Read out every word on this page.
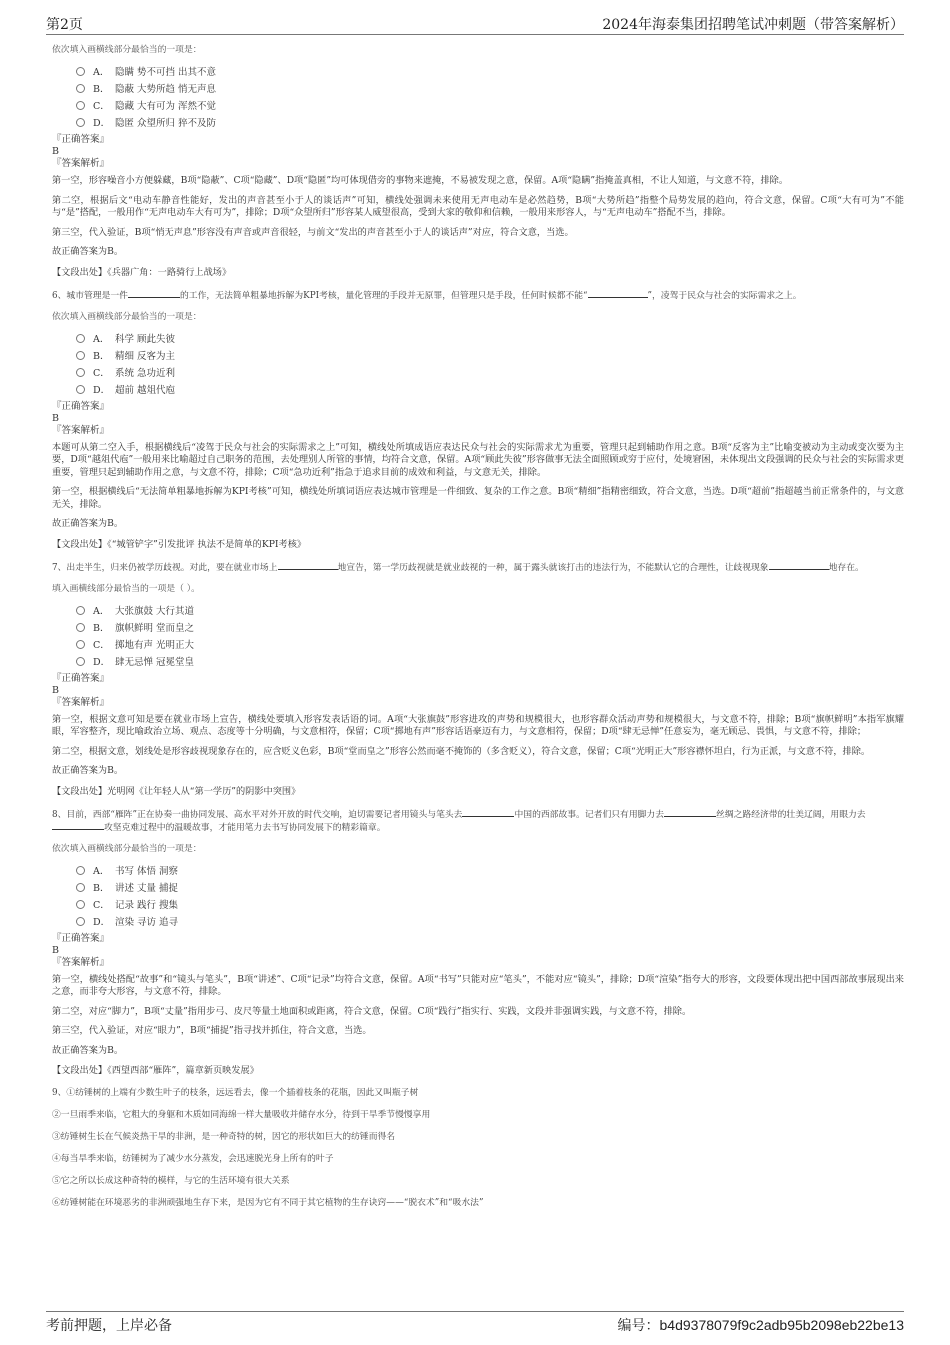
第2页	2024年海泰集团招聘笔试冲刺题（带答案解析）
依次填入画横线部分最恰当的一项是：
A． 隐瞒 势不可挡 出其不意
B． 隐蔽 大势所趋 悄无声息
C． 隐藏 大有可为 浑然不觉
D． 隐匿 众望所归 猝不及防
『正确答案』
B
『答案解析』
第一空，形容噪音小方便躲藏，B项“隐蔽”、C项“隐藏”、D项“隐匿”均可体现借旁的事物来遮掩，不易被发现之意，保留。A项“隐瞒”指掩盖真相，不让人知道，与文意不符，排除。
第二空，根据后文“电动车静音性能好，发出的声音甚至小于人的谈话声”可知，横线处强调未来使用无声电动车是必然趋势，B项“大势所趋”指整个局势发展的趋向，符合文意，保留。C项“大有可为”不能与“是”搭配，一般用作“无声电动车大有可为”，排除；D项“众望所归”形容某人威望很高，受到大家的敬仰和信赖，一般用来形容人，与“无声电动车”搭配不当，排除。
第三空，代入验证，B项“悄无声息”形容没有声音或声音很轻，与前文“发出的声音甚至小于人的谈话声”对应，符合文意，当选。
故正确答案为B。
【文段出处】《兵器广角：一路骑行上战场》
6、城市管理是一件	的工作，无法简单粗暴地拆解为KPI考核，量化管理的手段并无原罪，但管理只是手段，任何时候都不能“	”，凌驾于民众与社会的实际需求之上。
依次填入画横线部分最恰当的一项是：
A． 科学 顾此失彼
B． 精细 反客为主
C． 系统 急功近利
D． 超前 越俎代庖
『正确答案』
B
『答案解析』
本题可从第二空入手，根据横线后“凌驾于民众与社会的实际需求之上”可知，横线处所填成语应表达民众与社会的实际需求尤为重要，管理只起到辅助作用之意。B项“反客为主”比喻变被动为主动或变次要为主要，D项“越俎代庖”一般用来比喻超过自己职务的范围，去处理别人所管的事情，均符合文意，保留。A项“顾此失彼”形容做事无法全面照顾或穷于应付，处境窘困，未体现出文段强调的民众与社会的实际需求更重要，管理只起到辅助作用之意，与文意不符，排除；C项“急功近利”指急于追求目前的成效和利益，与文意无关，排除。
第一空，根据横线后“无法简单粗暴地拆解为KPI考核”可知，横线处所填词语应表达城市管理是一件细致、复杂的工作之意。B项“精细”指精密细致，符合文意，当选。D项“超前”指超越当前正常条件的，与文意无关，排除。
故正确答案为B。
【文段出处】《“城管铲字”引发批评 执法不是简单的KPI考核》
7、出走半生，归来仍被学历歧视。对此，要在就业市场上	地宣告，第一学历歧视就是就业歧视的一种，属于露头就该打击的违法行为，不能默认它的合理性，让歧视现象	地存在。
填入画横线部分最恰当的一项是（ ）。
A． 大张旗鼓 大行其道
B． 旗帜鲜明 堂而皇之
C． 掷地有声 光明正大
D． 肆无忌惮 冠冕堂皇
『正确答案』
B
『答案解析』
第一空，根据文意可知是要在就业市场上宣告，横线处要填入形容发表话语的词。A项“大张旗鼓”形容进攻的声势和规模很大，也形容群众活动声势和规模很大，与文意不符，排除；B项“旗帜鲜明”本指军旗耀眼，军容整齐，现比喻政治立场、观点、态度等十分明确，与文意相符，保留；C项“掷地有声”形容话语豪迈有力，与文意相符，保留；D项“肆无忌惮”任意妄为，毫无顾忌、畏惧，与文意不符，排除；
第二空，根据文意，划线处是形容歧视现象存在的，应含贬义色彩，B项“堂而皇之”形容公然而毫不掩饰的（多含贬义），符合文意，保留；C项“光明正大”形容襟怀坦白，行为正派，与文意不符，排除。
故正确答案为B。
【文段出处】光明网《让年轻人从“第一学历”的阴影中突围》
8、目前，西部“雁阵”正在协奏一曲协同发展、高水平对外开放的时代交响，迫切需要记者用镜头与笔头去	中国的西部故事。记者们只有用脚力去	丝绸之路经济带的壮美辽阔，用眼力去攻坚克难过程中的温暖故事，才能用笔力去书写协同发展下的精彩篇章。
依次填入画横线部分最恰当的一项是：
A． 书写 体悟 洞察
B． 讲述 丈量 捕捉
C． 记录 践行 搜集
D． 渲染 寻访 追寻
『正确答案』
B
『答案解析』
第一空，横线处搭配“故事”和“镜头与笔头”，B项“讲述”、C项“记录”均符合文意，保留。A项“书写”只能对应“笔头”，不能对应“镜头”，排除；D项“渲染”指夸大的形容，文段要体现出把中国西部故事展现出来之意，而非夸大形容，与文意不符，排除。
第二空，对应“脚力”，B项“丈量”指用步弓、皮尺等量土地面积或距离，符合文意，保留。C项“践行”指实行、实践，文段并非强调实践，与文意不符，排除。
第三空，代入验证，对应“眼力”，B项“捕捉”指寻找并抓住，符合文意，当选。
故正确答案为B。
【文段出处】《西望西部“雁阵”，篇章新页映发展》
9、①纺锤树的上端有少数生叶子的枝条，远远看去，像一个插着枝条的花瓶，因此又叫瓶子树
②一旦雨季来临，它粗大的身躯和木质如同海绵一样大量吸收并储存水分，待到干旱季节慢慢享用
③纺锤树生长在气候炎热干旱的非洲，是一种奇特的树，因它的形状如巨大的纺锤而得名
④每当旱季来临，纺锤树为了减少水分蒸发，会迅速脱光身上所有的叶子
⑤它之所以长成这种奇特的模样，与它的生活环境有很大关系
⑥纺锤树能在环境恶劣的非洲顽强地生存下来，是因为它有不同于其它植物的生存诀窍——“脱衣术”和“吸水法”
考前押题，上岸必备	编号：b4d9378079f9c2adb95b2098eb22be13
